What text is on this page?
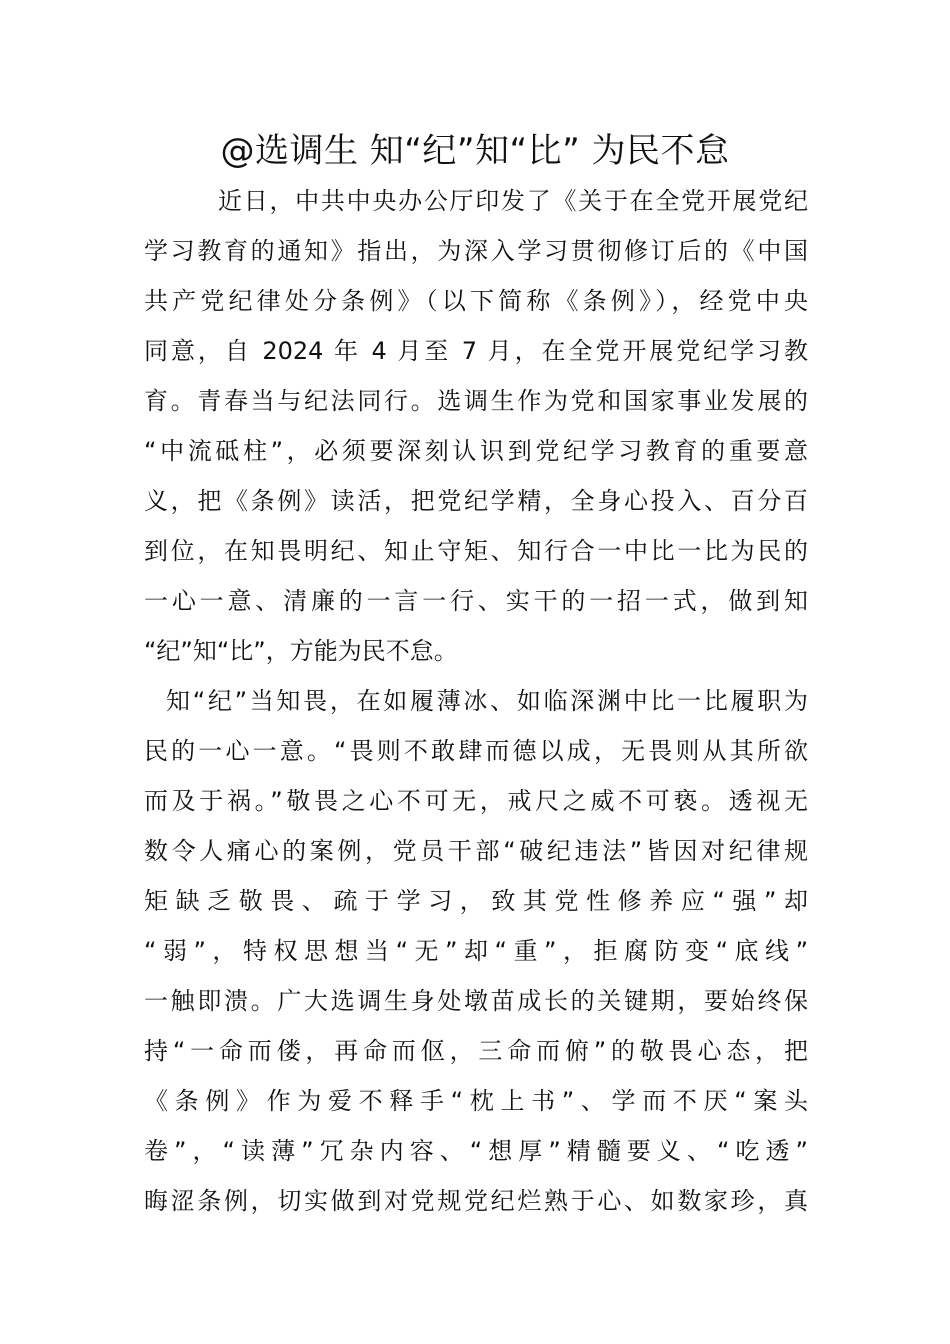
@选调生 知“纪”知“比” 为民不怠

近日，中共中央办公厅印发了《关于在全党开展党纪
学习教育的通知》指出，为深入学习贯彻修订后的《中国
共产党纪律处分条例》（以下简称《条例》），经党中央
同意，自 2024 年 4 月至 7 月，在全党开展党纪学习教
育。青春当与纪法同行。选调生作为党和国家事业发展的
“中流砥柱”，必须要深刻认识到党纪学习教育的重要意
义，把《条例》读活，把党纪学精，全身心投入、百分百
到位，在知畏明纪、知止守矩、知行合一中比一比为民的
一心一意、清廉的一言一行、实干的一招一式，做到知
“纪”知“比”，方能为民不怠。

知“纪”当知畏，在如履薄冰、如临深渊中比一比履职为
民的一心一意。“畏则不敢肆而德以成，无畏则从其所欲
而及于祸。”敬畏之心不可无，戒尺之威不可亵。透视无
数令人痛心的案例，党员干部“破纪违法”皆因对纪律规
矩缺乏敬畏、疏于学习，致其党性修养应“强”却
“弱”，特权思想当“无”却“重”，拒腐防变“底线”
一触即溃。广大选调生身处墩苗成长的关键期，要始终保
持“一命而偻，再命而伛，三命而俯”的敬畏心态，把
《条例》作为爱不释手“枕上书”、学而不厌“案头
卷”，“读薄”冗杂内容、“想厚”精髓要义、“吃透”
晦涩条例，切实做到对党规党纪烂熟于心、如数家珍，真
